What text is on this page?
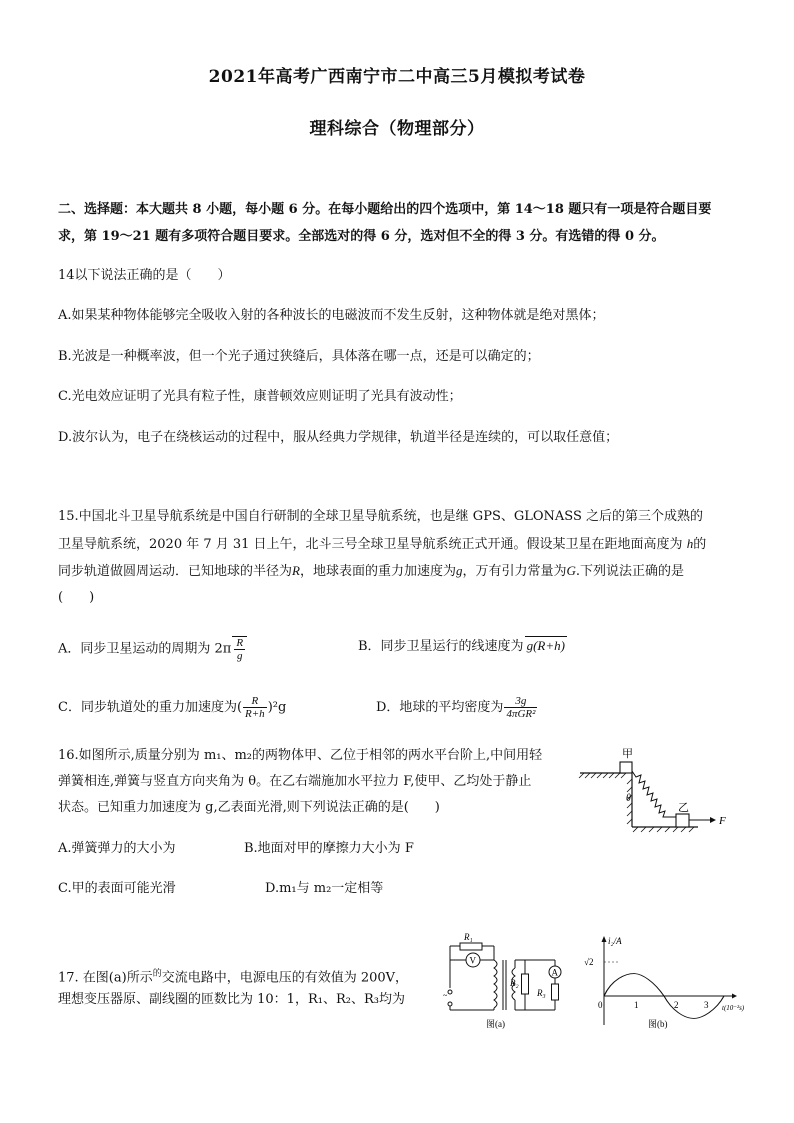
2021年高考广西南宁市二中高三5月模拟考试卷
理科综合（物理部分）
二、选择题：本大题共 8 小题，每小题 6 分。在每小题给出的四个选项中，第 14～18 题只有一项是符合题目要
求，第 19～21 题有多项符合题目要求。全部选对的得 6 分，选对但不全的得 3 分。有选错的得 0 分。
14以下说法正确的是（　　）
A.如果某种物体能够完全吸收入射的各种波长的电磁波而不发生反射，这种物体就是绝对黑体；
B.光波是一种概率波，但一个光子通过狭缝后，具体落在哪一点，还是可以确定的；
C.光电效应证明了光具有粒子性，康普顿效应则证明了光具有波动性；
D.波尔认为，电子在绕核运动的过程中，服从经典力学规律，轨道半径是连续的，可以取任意值；
15.中国北斗卫星导航系统是中国自行研制的全球卫星导航系统，也是继 GPS、GLONASS 之后的第三个成熟的
卫星导航系统，2020 年 7 月 31 日上午，北斗三号全球卫星导航系统正式开通。假设某卫星在距地面高度为 h的
同步轨道做圆周运动．已知地球的半径为R，地球表面的重力加速度为g，万有引力常量为G.下列说法正确的是
(　　)
A．同步卫星运动的周期为 $2\pi \frac{R}{g}$	B．同步卫星运行的线速度为 g(R+h)
C．同步轨道处的重力加速度为( $\frac{R}{R+h} )^2g$	D．地球的平均密度为 $\frac{3g}{\text{4πGR²}}$
16.如图所示,质量分别为 m₁、m₂的两物体甲、乙位于相邻的两水平台阶上,中间用轻
弹簧相连,弹簧与竖直方向夹角为 θ。在乙右端施加水平拉力 F,使甲、乙均处于静止
状态。已知重力加速度为 g,乙表面光滑,则下列说法正确的是(　　)
A.弹簧弹力的大小为	B.地面对甲的摩擦力大小为 F
C.甲的表面可能光滑	D.m₁与 m₂一定相等
甲
θ
乙
F
17. 在图(a)所示$^的$交流电路中，电源电压的有效值为 200V，
理想变压器原、副线圈的匝数比为 10：1，R₁、R₂、R₃均为
R₁
V
~
R₂
A
R₃
图(a)
i₂/A
√2
0	1	2	3 t(10⁻²s)
图(b)
